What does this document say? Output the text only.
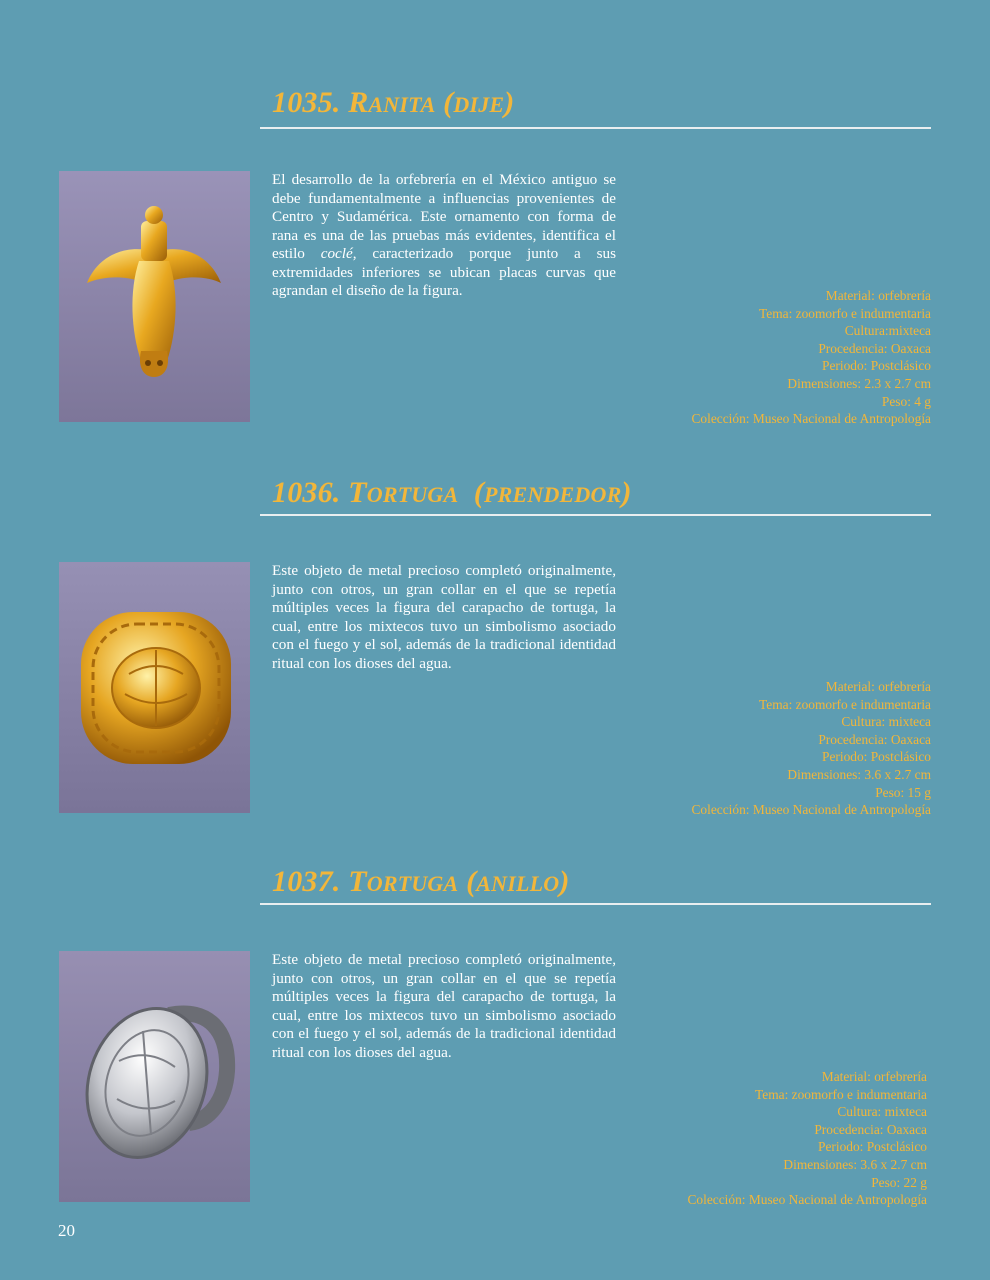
1035. RANITA (DIJE)

El desarrollo de la orfebrería en el México antiguo se debe fundamentalmente a influencias provenientes de Centro y Sudamérica. Este ornamento con forma de rana es una de las pruebas más evidentes, identifica el estilo coclé, caracterizado porque junto a sus extremidades inferiores se ubican placas curvas que agrandan el diseño de la figura.	Material: orfebrería
Tema: zoomorfo e indumentaria
Cultura:mixteca
Procedencia: Oaxaca
Periodo: Postclásico
Dimensiones: 2.3 x 2.7 cm
Peso: 4 g
Colección: Museo Nacional de Antropología
1036. TORTUGA (PRENDEDOR)

Este objeto de metal precioso completó originalmente, junto con otros, un gran collar en el que se repetía múltiples veces la figura del carapacho de tortuga, la cual, entre los mixtecos tuvo un simbolismo asociado con el fuego y el sol, además de la tradicional identidad ritual con los dioses del agua.

Material: orfebrería
Tema: zoomorfo e indumentaria
Cultura: mixteca
Procedencia: Oaxaca
Periodo: Postclásico
Dimensiones: 3.6 x 2.7 cm
Peso: 15 g
Colección: Museo Nacional de Antropología
1037. TORTUGA (ANILLO)

Este objeto de metal precioso completó originalmente, junto con otros, un gran collar en el que se repetía múltiples veces la figura del carapacho de tortuga, la cual, entre los mixtecos tuvo un simbolismo asociado con el fuego y el sol, además de la tradicional identidad ritual con los dioses del agua.

Material: orfebrería
Tema: zoomorfo e indumentaria
Cultura: mixteca
Procedencia: Oaxaca
Periodo: Postclásico
Dimensiones: 3.6 x 2.7 cm
Peso: 22 g
Colección: Museo Nacional de Antropología
20
